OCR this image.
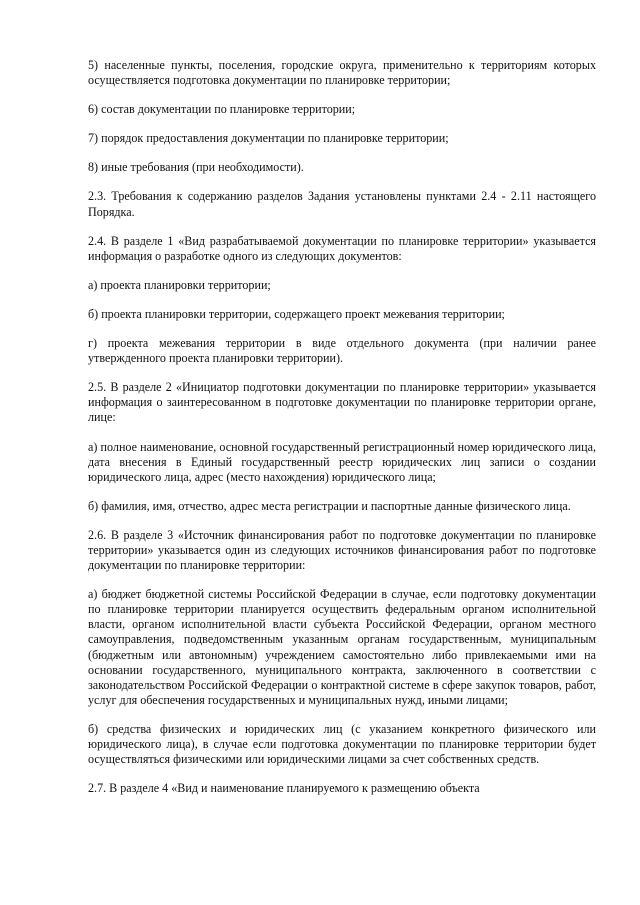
5) населенные пункты, поселения, городские округа, применительно к территориям которых осуществляется подготовка документации по планировке территории;

6) состав документации по планировке территории;

7) порядок предоставления документации по планировке территории;

8) иные требования (при необходимости).

2.3. Требования к содержанию разделов Задания установлены пунктами 2.4 - 2.11 настоящего Порядка.

2.4. В разделе 1 «Вид разрабатываемой документации по планировке территории» указывается информация о разработке одного из следующих документов:

а) проекта планировки территории;

б) проекта планировки территории, содержащего проект межевания территории;

г) проекта межевания территории в виде отдельного документа (при наличии ранее утвержденного проекта планировки территории).

2.5. В разделе 2 «Инициатор подготовки документации по планировке территории» указывается информация о заинтересованном в подготовке документации по планировке территории органе, лице:

а) полное наименование, основной государственный регистрационный номер юридического лица, дата внесения в Единый государственный реестр юридических лиц записи о создании юридического лица, адрес (место нахождения) юридического лица;

б) фамилия, имя, отчество, адрес места регистрации и паспортные данные физического лица.

2.6. В разделе 3 «Источник финансирования работ по подготовке документации по планировке территории» указывается один из следующих источников финансирования работ по подготовке документации по планировке территории:

а) бюджет бюджетной системы Российской Федерации в случае, если подготовку документации по планировке территории планируется осуществить федеральным органом исполнительной власти, органом исполнительной власти субъекта Российской Федерации, органом местного самоуправления, подведомственным указанным органам государственным, муниципальным (бюджетным или автономным) учреждением самостоятельно либо привлекаемыми ими на основании государственного, муниципального контракта, заключенного в соответствии с законодательством Российской Федерации о контрактной системе в сфере закупок товаров, работ, услуг для обеспечения государственных и муниципальных нужд, иными лицами;

б) средства физических и юридических лиц (с указанием конкретного физического или юридического лица), в случае если подготовка документации по планировке территории будет осуществляться физическими или юридическими лицами за счет собственных средств.

2.7. В разделе 4 «Вид и наименование планируемого к размещению объекта
